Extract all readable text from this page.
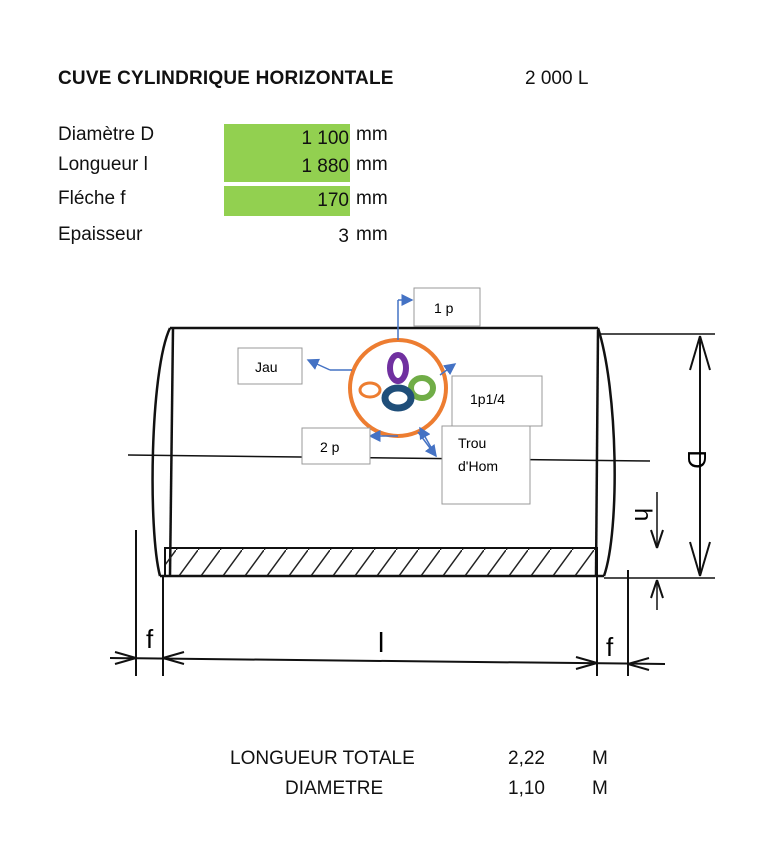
CUVE CYLINDRIQUE HORIZONTALE	2 000 L
Diamètre D	1 100 mm
Longueur l	1 880 mm
Fléche f	170 mm
Epaisseur	3 mm
D
h
f	l	f
1 p
Jau
1p1/4
2 p	Trou
d'Hom
LONGUEUR TOTALE	2,22 M
DIAMETRE	1,10 M
